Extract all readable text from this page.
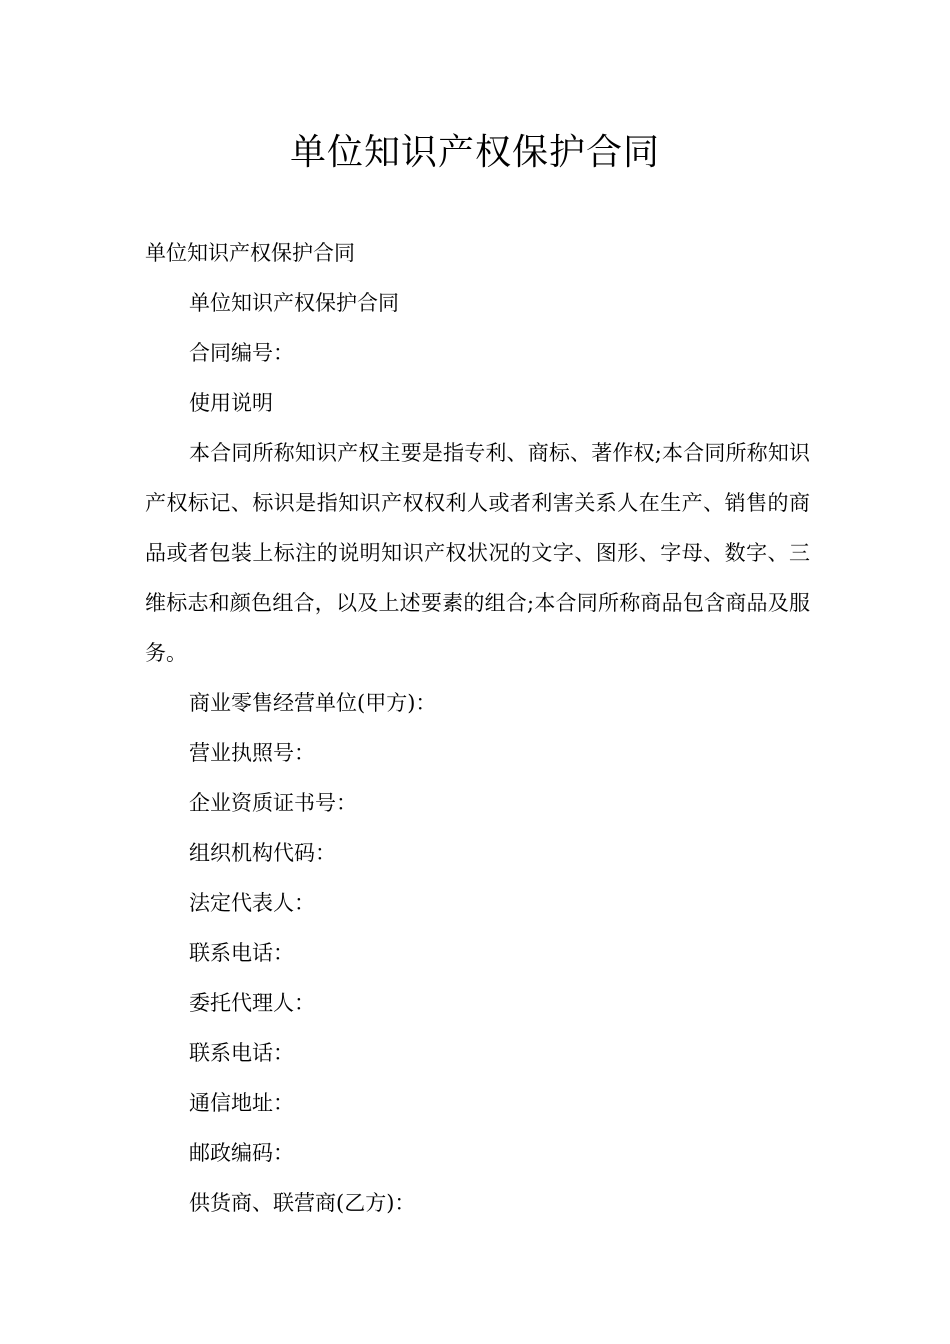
单位知识产权保护合同

单位知识产权保护合同

单位知识产权保护合同

合同编号：

使用说明

本合同所称知识产权主要是指专利、商标、著作权;本合同所称知识产权标记、标识是指知识产权权利人或者利害关系人在生产、销售的商品或者包装上标注的说明知识产权状况的文字、图形、字母、数字、三维标志和颜色组合，以及上述要素的组合;本合同所称商品包含商品及服务。

商业零售经营单位(甲方)：

营业执照号：

企业资质证书号：

组织机构代码：

法定代表人：

联系电话：

委托代理人：

联系电话：

通信地址：

邮政编码：

供货商、联营商(乙方)：
